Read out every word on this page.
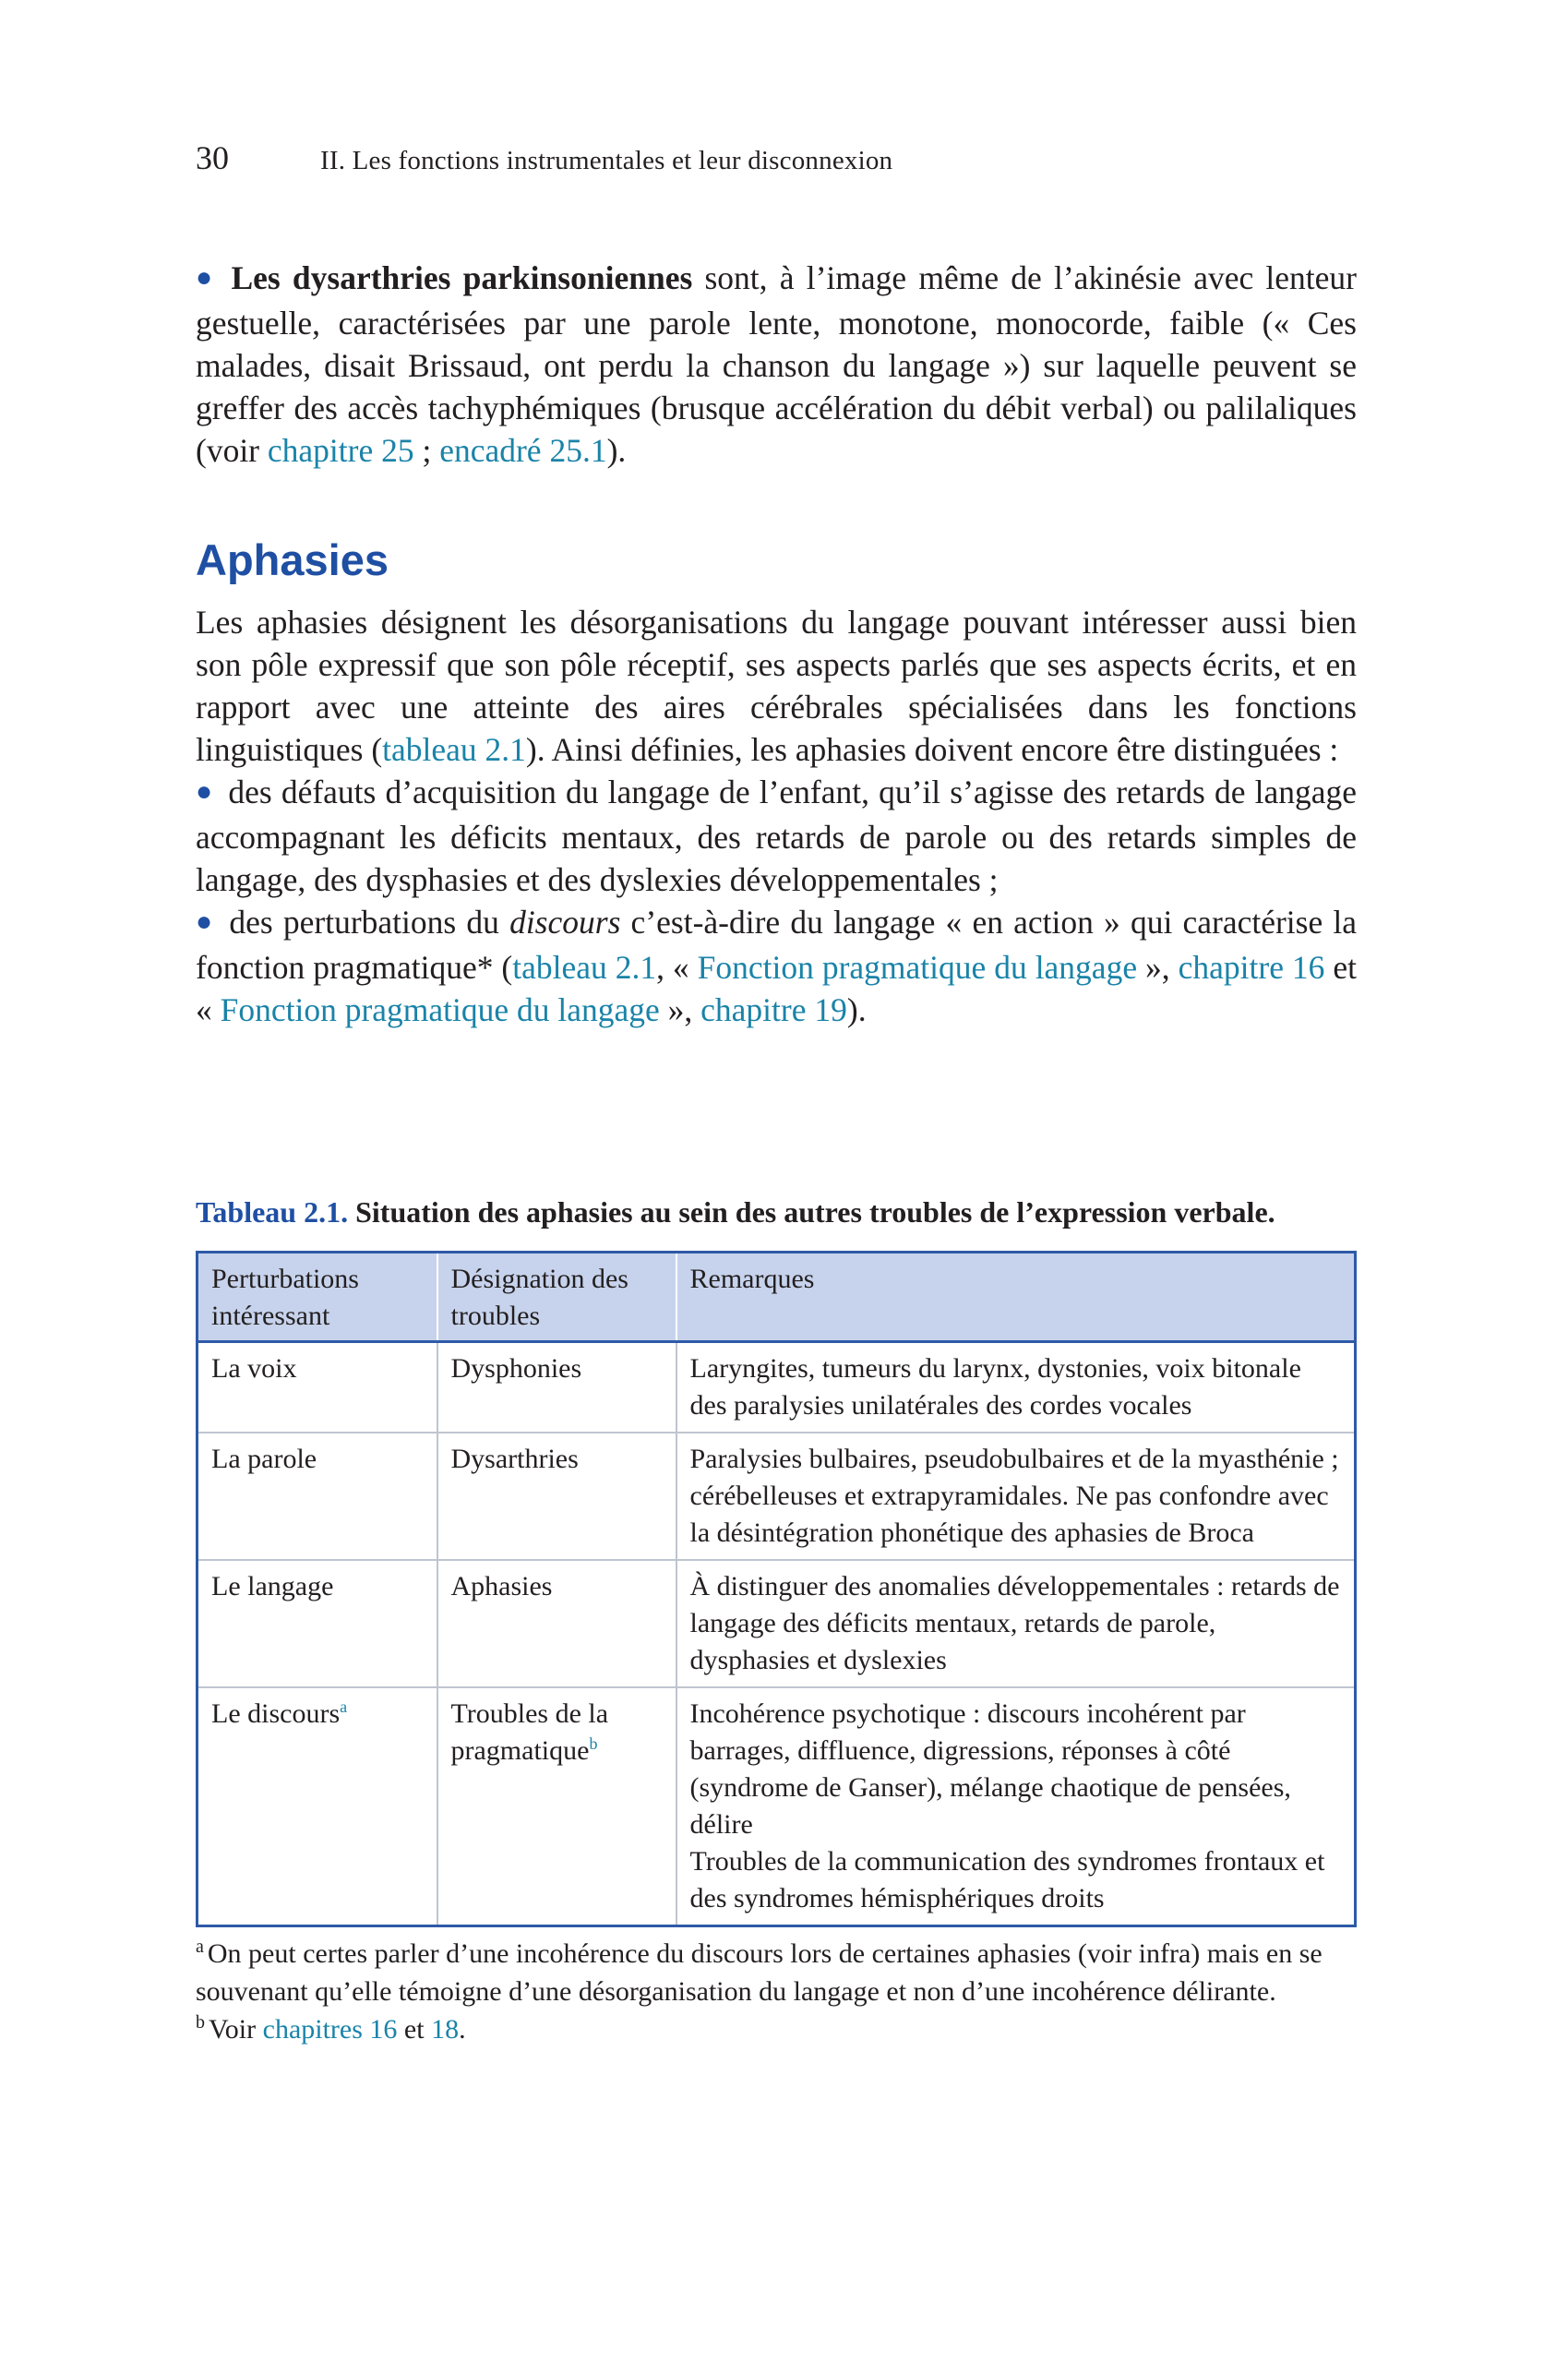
30	II. Les fonctions instrumentales et leur disconnexion

● Les dysarthries parkinsoniennes sont, à l’image même de l’akinésie avec lenteur gestuelle, caractérisées par une parole lente, monotone, monocorde, faible (« Ces malades, disait Brissaud, ont perdu la chanson du langage ») sur laquelle peuvent se greffer des accès tachyphémiques (brusque accélération du débit verbal) ou palilaliques (voir chapitre 25 ; encadré 25.1).

Aphasies

Les aphasies désignent les désorganisations du langage pouvant intéresser aussi bien son pôle expressif que son pôle réceptif, ses aspects parlés que ses aspects écrits, et en rapport avec une atteinte des aires cérébrales spécialisées dans les fonctions linguistiques (tableau 2.1). Ainsi définies, les aphasies doivent encore être distinguées :

● des défauts d’acquisition du langage de l’enfant, qu’il s’agisse des retards de langage accompagnant les déficits mentaux, des retards de parole ou des retards simples de langage, des dysphasies et des dyslexies développementales ;

● des perturbations du discours c’est-à-dire du langage « en action » qui caractérise la fonction pragmatique* (tableau 2.1, « Fonction pragmatique du langage », chapitre 16 et « Fonction pragmatique du langage », chapitre 19).

Tableau 2.1. Situation des aphasies au sein des autres troubles de l’expression verbale.
Perturbations intéressant	Désignation des troubles	Remarques
La voix	Dysphonies	Laryngites, tumeurs du larynx, dystonies, voix bitonale des paralysies unilatérales des cordes vocales
La parole	Dysarthries	Paralysies bulbaires, pseudobulbaires et de la myasthénie ; cérébelleuses et extrapyramidales. Ne pas confondre avec la désintégration phonétique des aphasies de Broca
Le langage	Aphasies	À distinguer des anomalies développementales : retards de langage des déficits mentaux, retards de parole, dysphasies et dyslexies
Le discours$^a$	Troubles de la pragmatique$^b$	Incohérence psychotique : discours incohérent par barrages, diffluence, digressions, réponses à côté (syndrome de Ganser), mélange chaotique de pensées, délire
Troubles de la communication des syndromes frontaux et des syndromes hémisphériques droits
$^a$ On peut certes parler d’une incohérence du discours lors de certaines aphasies (voir infra) mais en se souvenant qu’elle témoigne d’une désorganisation du langage et non d’une incohérence délirante.
$^b$ Voir chapitres 16 et 18.
